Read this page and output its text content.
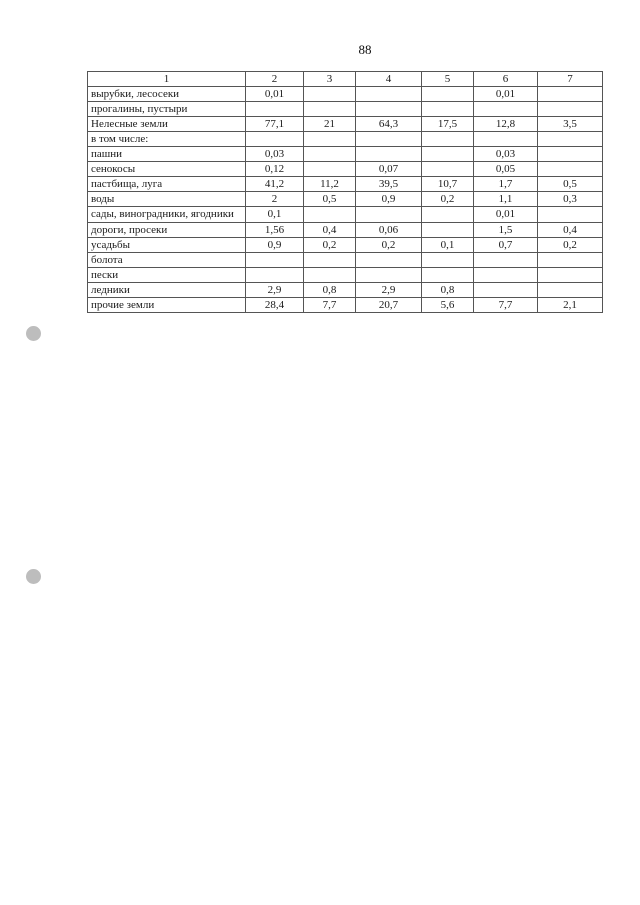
88
1	2	3	4	5	6	7
вырубки, лесосеки	0,01				0,01	
прогалины, пустыри						
Нелесные земли	77,1	21	64,3	17,5	12,8	3,5
в том числе:						
пашни	0,03				0,03	
сенокосы	0,12		0,07		0,05	
пастбища, луга	41,2	11,2	39,5	10,7	1,7	0,5
воды	2	0,5	0,9	0,2	1,1	0,3
сады, виноградники, ягодники	0,1				0,01	
дороги, просеки	1,56	0,4	0,06		1,5	0,4
усадьбы	0,9	0,2	0,2	0,1	0,7	0,2
болота						
пески						
ледники	2,9	0,8	2,9	0,8		
прочие земли	28,4	7,7	20,7	5,6	7,7	2,1
